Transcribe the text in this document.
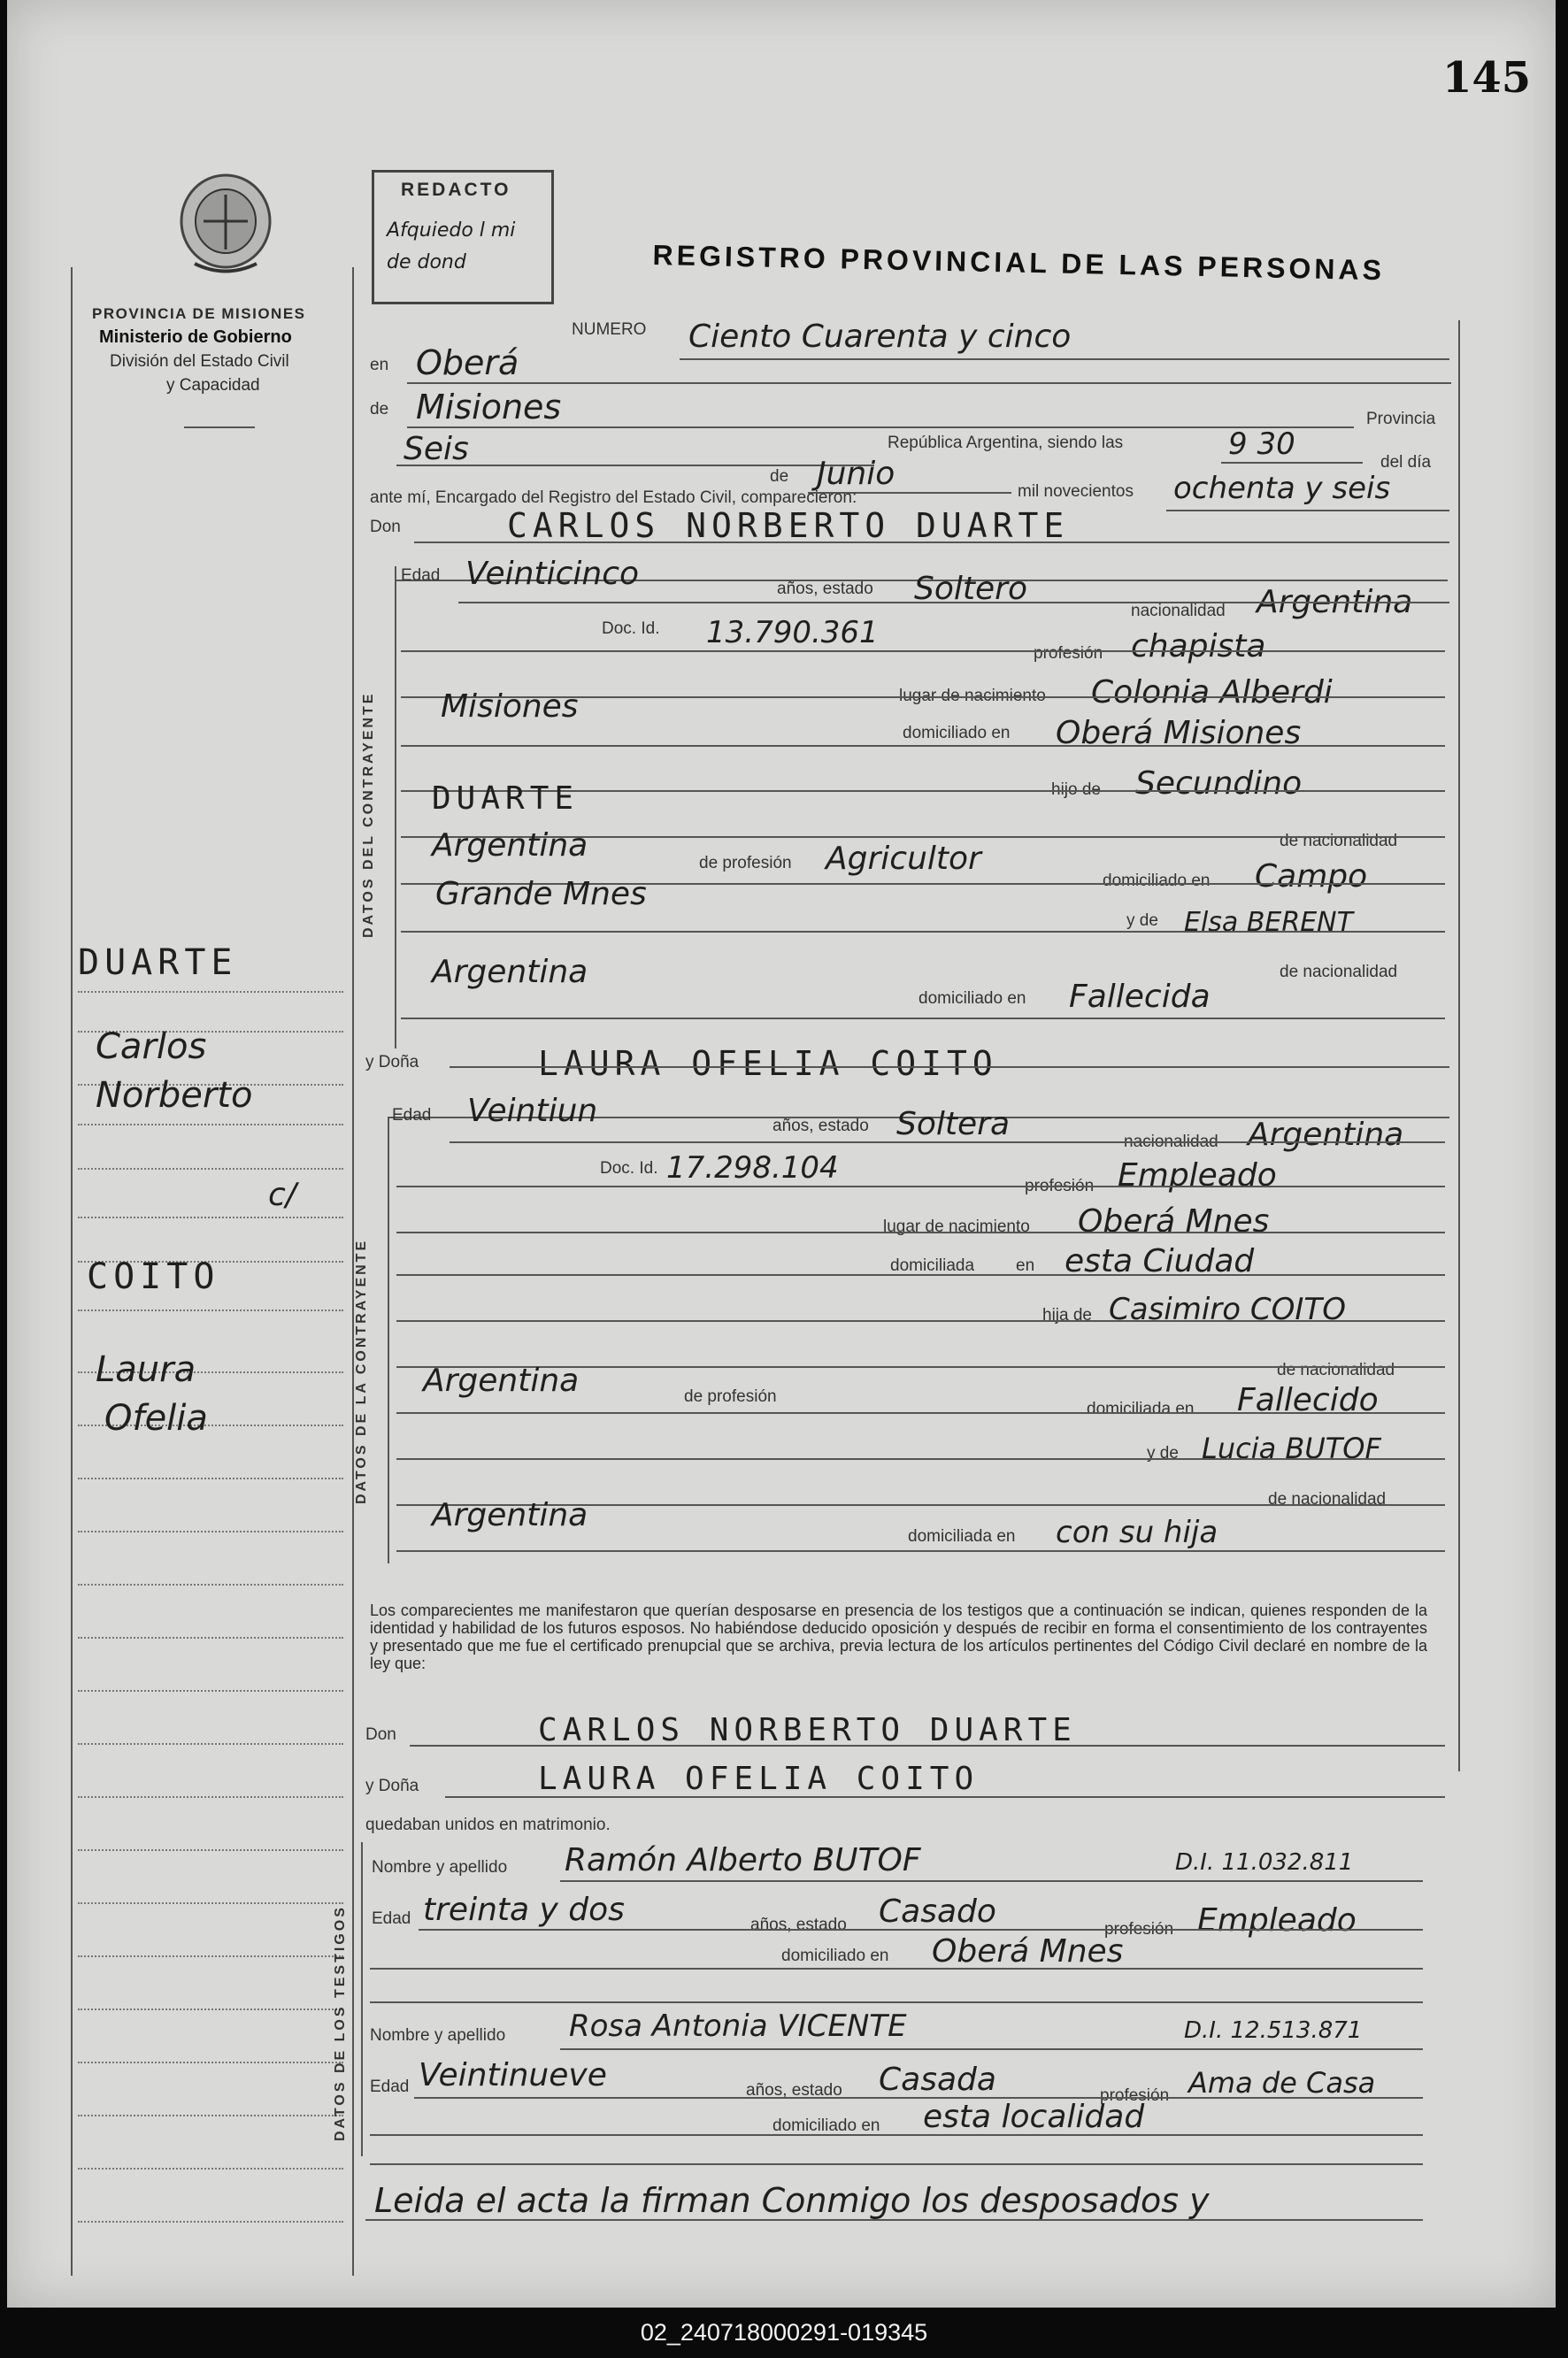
145
PROVINCIA DE MISIONES
Ministerio de Gobierno
División del Estado Civil
y Capacidad
REDACTO
Afquiedo l mi de dond	REGISTRO PROVINCIAL DE LAS PERSONAS
DUARTE
Carlos
Norberto
c/
COITO
Laura
Ofelia
NUMERO Ciento Cuarenta y cinco
en Oberá
de Misiones	Provincia
Seis	República Argentina, siendo las	9 30
del día
de Junio	mil novecientos ochenta y seis
ante mí, Encargado del Registro del Estado Civil, comparecieron:
Don	CARLOS NORBERTO DUARTE
DATOS DEL CONTRAYENTE
Edad Veinticinco	años, estado Soltero
nacionalidad Argentina
Doc. Id. 13.790.361
profesión chapista
lugar de nacimiento Colonia Alberdi
Misiones
domiciliado en Oberá Misiones
hijo de Secundino
DUARTE
de nacionalidad
Argentina	de profesión Agricultor
domiciliado en Campo
Grande Mnes
y de Elsa BERENT
Argentina	de nacionalidad
domiciliado en Fallecida
y Doña	LAURA OFELIA COITO
DATOS DE LA CONTRAYENTE
Edad Veintiun	años, estado Soltera	nacionalidad Argentina
Doc. Id. 17.298.104
profesión Empleado
lugar de nacimiento Oberá Mnes
domiciliada en esta Ciudad
hija de Casimiro COITO
de nacionalidad
Argentina	de profesión
domiciliada en Fallecido
y de Lucia BUTOF
de nacionalidad
Argentina
domiciliada en con su hija
Los comparecientes me manifestaron que querían desposarse en presencia de los testigos que a continuación se indican, quienes responden de la identidad y habilidad de los futuros esposos. No habiéndose deducido oposición y después de recibir en forma el consentimiento de los contrayentes y presentado que me fue el certificado prenupcial que se archiva, previa lectura de los artículos pertinentes del Código Civil declaré en nombre de la ley que:
Don	CARLOS NORBERTO DUARTE
y Doña	LAURA OFELIA COITO
quedaban unidos en matrimonio.
DATOS DE LOS TESTIGOS
Nombre y apellido Ramón Alberto BUTOF	D.I. 11.032.811
Edad treinta y dos	años, estado Casado	profesión Empleado
domiciliado en Oberá Mnes
Nombre y apellido Rosa Antonia VICENTE	D.I. 12.513.871
Edad Veintinueve	años, estado Casada	profesión Ama de Casa
domiciliado en esta localidad
Leida el acta la firman Conmigo los desposados y
02_240718000291-019345
